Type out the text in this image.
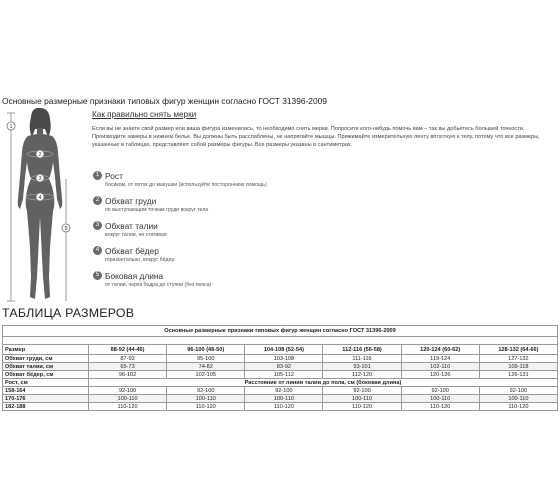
Основные размерные признаки типовых фигур женщин согласно ГОСТ 31396-2009
1
2
3
4
5

Как правильно снять мерки

Если вы не знаете свой размер или ваша фигура изменилась, то необходимо снять мерки. Попросите кого-нибудь помочь вам – так вы добьетесь большей точности.

Производите замеры в нижнем белье. Вы должны быть расслаблены, не напрягайте мышцы. Прижимайте измерительную ленту вплотную к телу, потому что все размеры, указанные в таблицах, представляют собой размеры фигуры. Все размеры указаны в сантиметрах.

1 Рост
босиком, от пяток до макушки (используйте постороннюю помощь)
2 Обхват груди
по выступающим точкам груди вокруг тела
3 Обхват талии
вокруг талии, не стягивая
4 Обхват бёдер
горизонтально, вокруг бёдер
5 Боковая длина
от талии, через бедра до ступни (без пояса)
ТАБЛИЦА РАЗМЕРОВ
Основные размерные признаки типовых фигур женщин согласно ГОСТ 31396-2009						

Размер	88-92 (44-46)	96-100 (48-50)	104-108 (52-54)	112-116 (56-58)	120-124 (60-62)	128-132 (64-66)
Обхват груди, см	87-92	95-100	103-108	111-116	119-124	127-132
Обхват талии, см	65-73	74-82	83-92	93-101	102-110	109-118
Обхват бёдер, см	96-102	102-105	105-112	112-120	120-126	126-131
Рост, см	Расстояние от линии талии до пола, см (боковая длина)					
158-164	92-100	92-100	92-100	92-100	92-100	92-100
170-176	100-110	100-110	100-110	100-110	100-110	100-110
182-188	110-120	110-120	110-120	110-120	110-120	110-120
